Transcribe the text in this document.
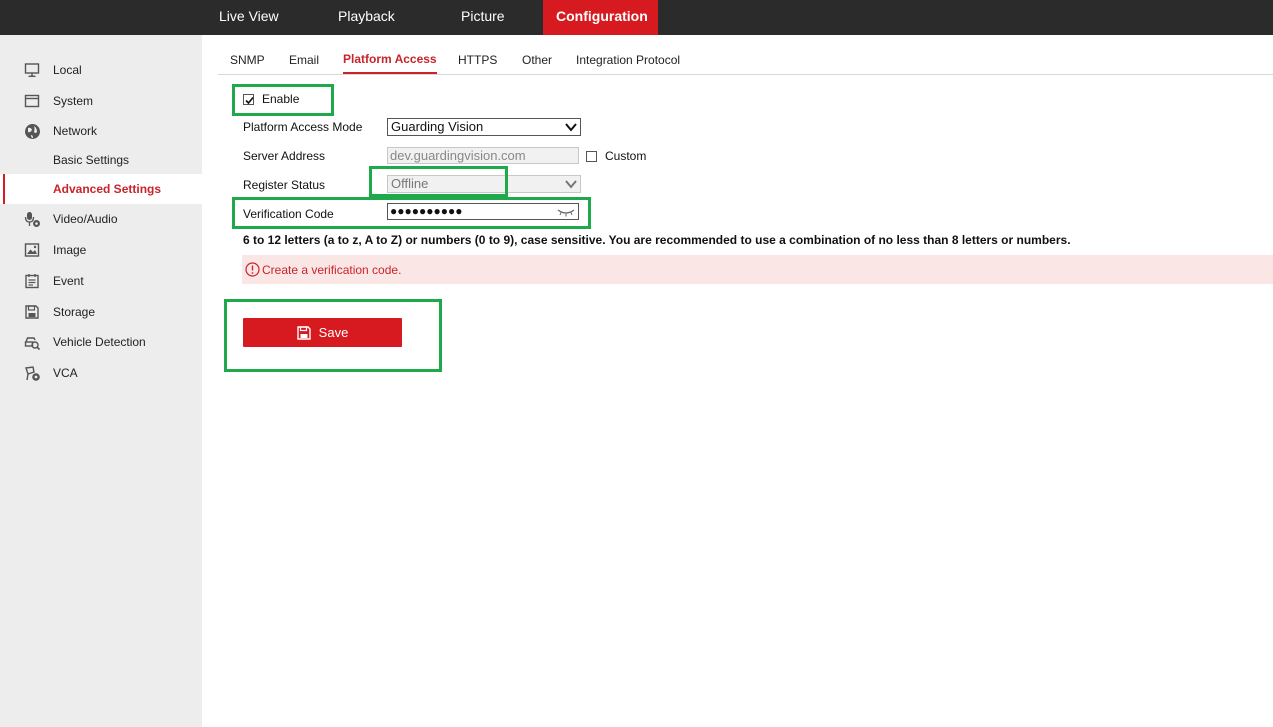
Live View	Playback	Picture	Configuration
Local
System
Network
Basic Settings
Advanced Settings
Video/Audio
Image
Event
Storage
Vehicle Detection
VCA
SNMP Email Platform Access HTTPS Other Integration Protocol
Enable
Platform Access Mode	Guarding Vision
Server Address	dev.guardingvision.com	Custom
Register Status	Offline
Verification Code	●●●●●●●●●●
6 to 12 letters (a to z, A to Z) or numbers (0 to 9), case sensitive. You are recommended to use a combination of no less than 8 letters or numbers.
Create a verification code.
Save
